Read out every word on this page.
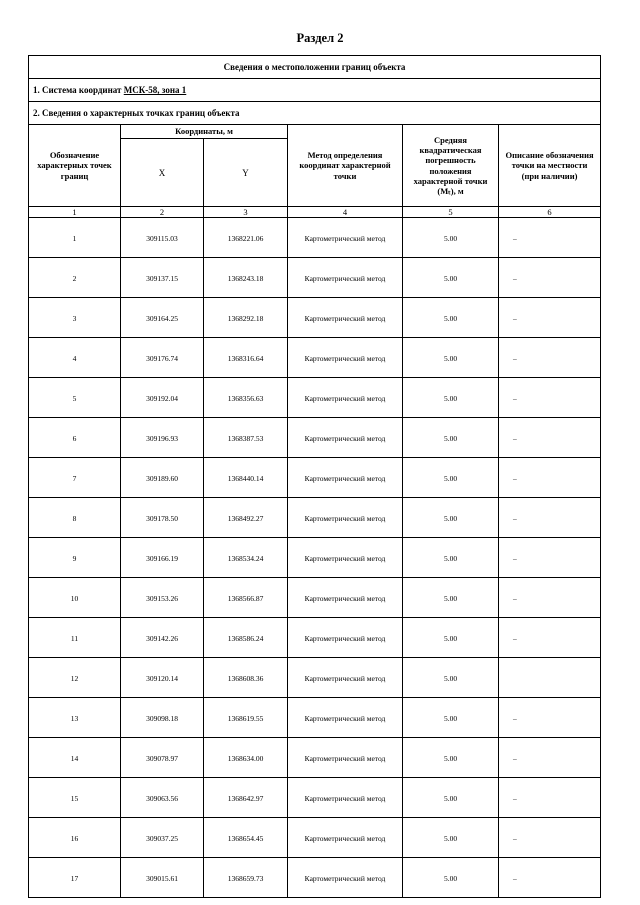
Раздел 2
Сведения о местоположении границ объекта					
1. Система координат МСК-58, зона 1					
2. Сведения о характерных точках границ объекта					
Обозначение характерных точек границ	Координаты, м		Метод определения координат характерной точки	Средняя квадратическая погрешность положения характерной точки (Mₜ), м	Описание обозначения точки на местности (при наличии)
	X	Y			
1	2	3	4	5	6
1	309115.03	1368221.06	Картометрический метод	5.00	–
2	309137.15	1368243.18	Картометрический метод	5.00	–
3	309164.25	1368292.18	Картометрический метод	5.00	–
4	309176.74	1368316.64	Картометрический метод	5.00	–
5	309192.04	1368356.63	Картометрический метод	5.00	–
6	309196.93	1368387.53	Картометрический метод	5.00	–
7	309189.60	1368440.14	Картометрический метод	5.00	–
8	309178.50	1368492.27	Картометрический метод	5.00	–
9	309166.19	1368534.24	Картометрический метод	5.00	–
10	309153.26	1368566.87	Картометрический метод	5.00	–
11	309142.26	1368586.24	Картометрический метод	5.00	–
12	309120.14	1368608.36	Картометрический метод	5.00	
13	309098.18	1368619.55	Картометрический метод	5.00	–
14	309078.97	1368634.00	Картометрический метод	5.00	–
15	309063.56	1368642.97	Картометрический метод	5.00	–
16	309037.25	1368654.45	Картометрический метод	5.00	–
17	309015.61	1368659.73	Картометрический метод	5.00	–
